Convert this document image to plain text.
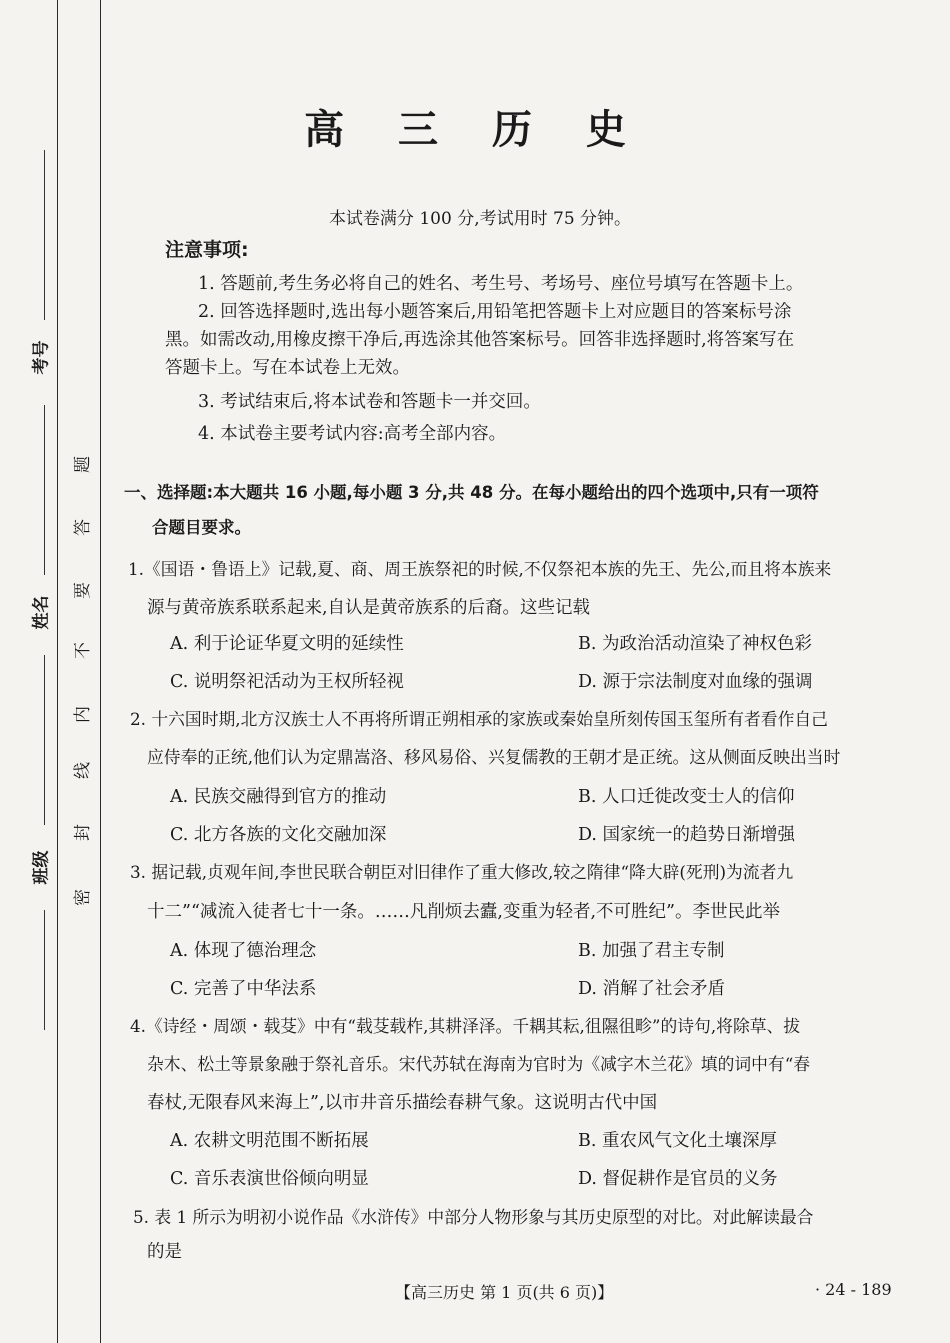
考号
姓名
班级
密
封
线
内
不
要
答
题
高 三 历 史
本试卷满分 100 分,考试用时 75 分钟。
注意事项:
1. 答题前,考生务必将自己的姓名、考生号、考场号、座位号填写在答题卡上。
2. 回答选择题时,选出每小题答案后,用铅笔把答题卡上对应题目的答案标号涂
黑。如需改动,用橡皮擦干净后,再选涂其他答案标号。回答非选择题时,将答案写在
答题卡上。写在本试卷上无效。
3. 考试结束后,将本试卷和答题卡一并交回。
4. 本试卷主要考试内容:高考全部内容。
一、选择题:本大题共 16 小题,每小题 3 分,共 48 分。在每小题给出的四个选项中,只有一项符
合题目要求。
1.《国语・鲁语上》记载,夏、商、周王族祭祀的时候,不仅祭祀本族的先王、先公,而且将本族来
源与黄帝族系联系起来,自认是黄帝族系的后裔。这些记载
A. 利于论证华夏文明的延续性	B. 为政治活动渲染了神权色彩
C. 说明祭祀活动为王权所轻视	D. 源于宗法制度对血缘的强调
2. 十六国时期,北方汉族士人不再将所谓正朔相承的家族或秦始皇所刻传国玉玺所有者看作自己
应侍奉的正统,他们认为定鼎嵩洛、移风易俗、兴复儒教的王朝才是正统。这从侧面反映出当时
A. 民族交融得到官方的推动	B. 人口迁徙改变士人的信仰
C. 北方各族的文化交融加深	D. 国家统一的趋势日渐增强
3. 据记载,贞观年间,李世民联合朝臣对旧律作了重大修改,较之隋律“降大辟(死刑)为流者九
十二”“减流入徒者七十一条。……凡削烦去蠹,变重为轻者,不可胜纪”。李世民此举
A. 体现了德治理念	B. 加强了君主专制
C. 完善了中华法系	D. 消解了社会矛盾
4.《诗经・周颂・载芟》中有“载芟载柞,其耕泽泽。千耦其耘,徂隰徂畛”的诗句,将除草、拔
杂木、松土等景象融于祭礼音乐。宋代苏轼在海南为官时为《减字木兰花》填的词中有“春
春杖,无限春风来海上”,以市井音乐描绘春耕气象。这说明古代中国
A. 农耕文明范围不断拓展	B. 重农风气文化土壤深厚
C. 音乐表演世俗倾向明显	D. 督促耕作是官员的义务
5. 表 1 所示为明初小说作品《水浒传》中部分人物形象与其历史原型的对比。对此解读最合
的是
【高三历史 第 1 页(共 6 页)】	· 24 - 189
